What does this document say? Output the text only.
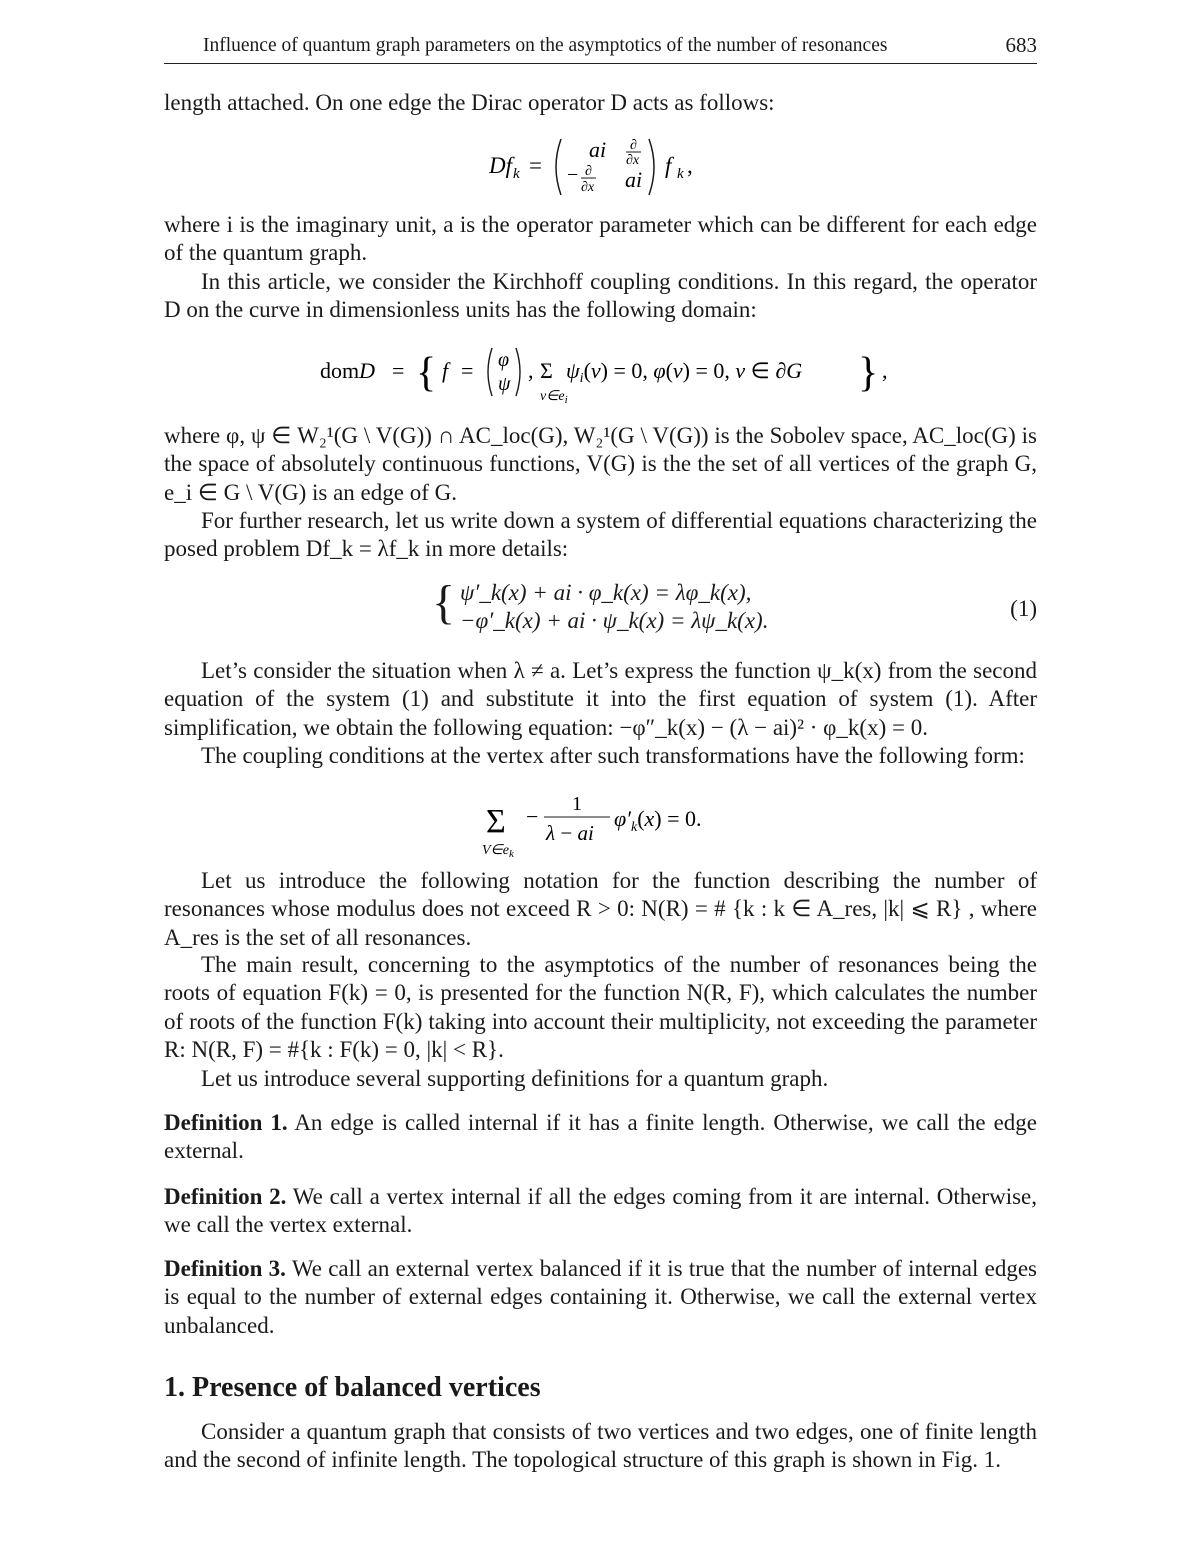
Influence of quantum graph parameters on the asymptotics of the number of resonances	683
length attached. On one edge the Dirac operator D acts as follows:
Df k =
ai ∂
∂x
− ∂
∂x ai
f k ,
where i is the imaginary unit, a is the operator parameter which can be different for each edge of the quantum graph.
In this article, we consider the Kirchhoff coupling conditions. In this regard, the operator D on the curve in dimensionless units has the following domain:
domD = { f = φ
ψ
, Σ
$v\in e_i$
ψi(v) = 0, φ(v) = 0, v ∈ ∂G } ,
where φ, ψ ∈ W₂¹(G \ V(G)) ∩ AC_loc(G), W₂¹(G \ V(G)) is the Sobolev space, AC_loc(G) is the space of absolutely continuous functions, V(G) is the the set of all vertices of the graph G, e_i ∈ G \ V(G) is an edge of G.
For further research, let us write down a system of differential equations characterizing the posed problem Df_k = λf_k in more details:
{ ψ′_k(x) + ai · φ_k(x) = λφ_k(x),
−φ′_k(x) + ai · ψ_k(x) = λψ_k(x).	(1)
Let’s consider the situation when λ ≠ a. Let’s express the function ψ_k(x) from the second equation of the system (1) and substitute it into the first equation of system (1). After simplification, we obtain the following equation: −φ″_k(x) − (λ − ai)² · φ_k(x) = 0.
The coupling conditions at the vertex after such transformations have the following form:
Σ
$V\in e_k$
− 1
λ − ai
$\varphi'_k(x) = 0$.
Let us introduce the following notation for the function describing the number of resonances whose modulus does not exceed R > 0: N(R) = # {k : k ∈ A_res, |k| ⩽ R} , where A_res is the set of all resonances.
The main result, concerning to the asymptotics of the number of resonances being the roots of equation F(k) = 0, is presented for the function N(R, F), which calculates the number of roots of the function F(k) taking into account their multiplicity, not exceeding the parameter R: N(R, F) = #{k : F(k) = 0, |k| < R}.
Let us introduce several supporting definitions for a quantum graph.
Definition 1. An edge is called internal if it has a finite length. Otherwise, we call the edge external.
Definition 2. We call a vertex internal if all the edges coming from it are internal. Otherwise, we call the vertex external.
Definition 3. We call an external vertex balanced if it is true that the number of internal edges is equal to the number of external edges containing it. Otherwise, we call the external vertex unbalanced.
1. Presence of balanced vertices
Consider a quantum graph that consists of two vertices and two edges, one of finite length and the second of infinite length. The topological structure of this graph is shown in Fig. 1.
